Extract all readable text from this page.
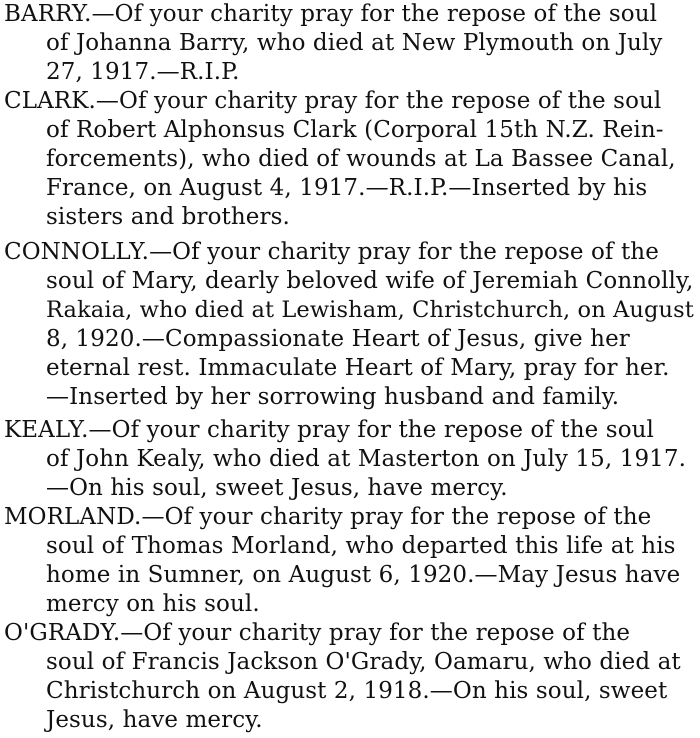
BARRY.—Of your charity pray for the repose of the soul
of Johanna Barry, who died at New Plymouth on July
27, 1917.—R.I.P.
CLARK.—Of your charity pray for the repose of the soul
of Robert Alphonsus Clark (Corporal 15th N.Z. Rein-
forcements), who died of wounds at La Bassee Canal,
France, on August 4, 1917.—R.I.P.—Inserted by his
sisters and brothers.
CONNOLLY.—Of your charity pray for the repose of the
soul of Mary, dearly beloved wife of Jeremiah Connolly,
Rakaia, who died at Lewisham, Christchurch, on August
8, 1920.—Compassionate Heart of Jesus, give her
eternal rest. Immaculate Heart of Mary, pray for her.
—Inserted by her sorrowing husband and family.
KEALY.—Of your charity pray for the repose of the soul
of John Kealy, who died at Masterton on July 15, 1917.
—On his soul, sweet Jesus, have mercy.
MORLAND.—Of your charity pray for the repose of the
soul of Thomas Morland, who departed this life at his
home in Sumner, on August 6, 1920.—May Jesus have
mercy on his soul.
O'GRADY.—Of your charity pray for the repose of the
soul of Francis Jackson O'Grady, Oamaru, who died at
Christchurch on August 2, 1918.—On his soul, sweet
Jesus, have mercy.
